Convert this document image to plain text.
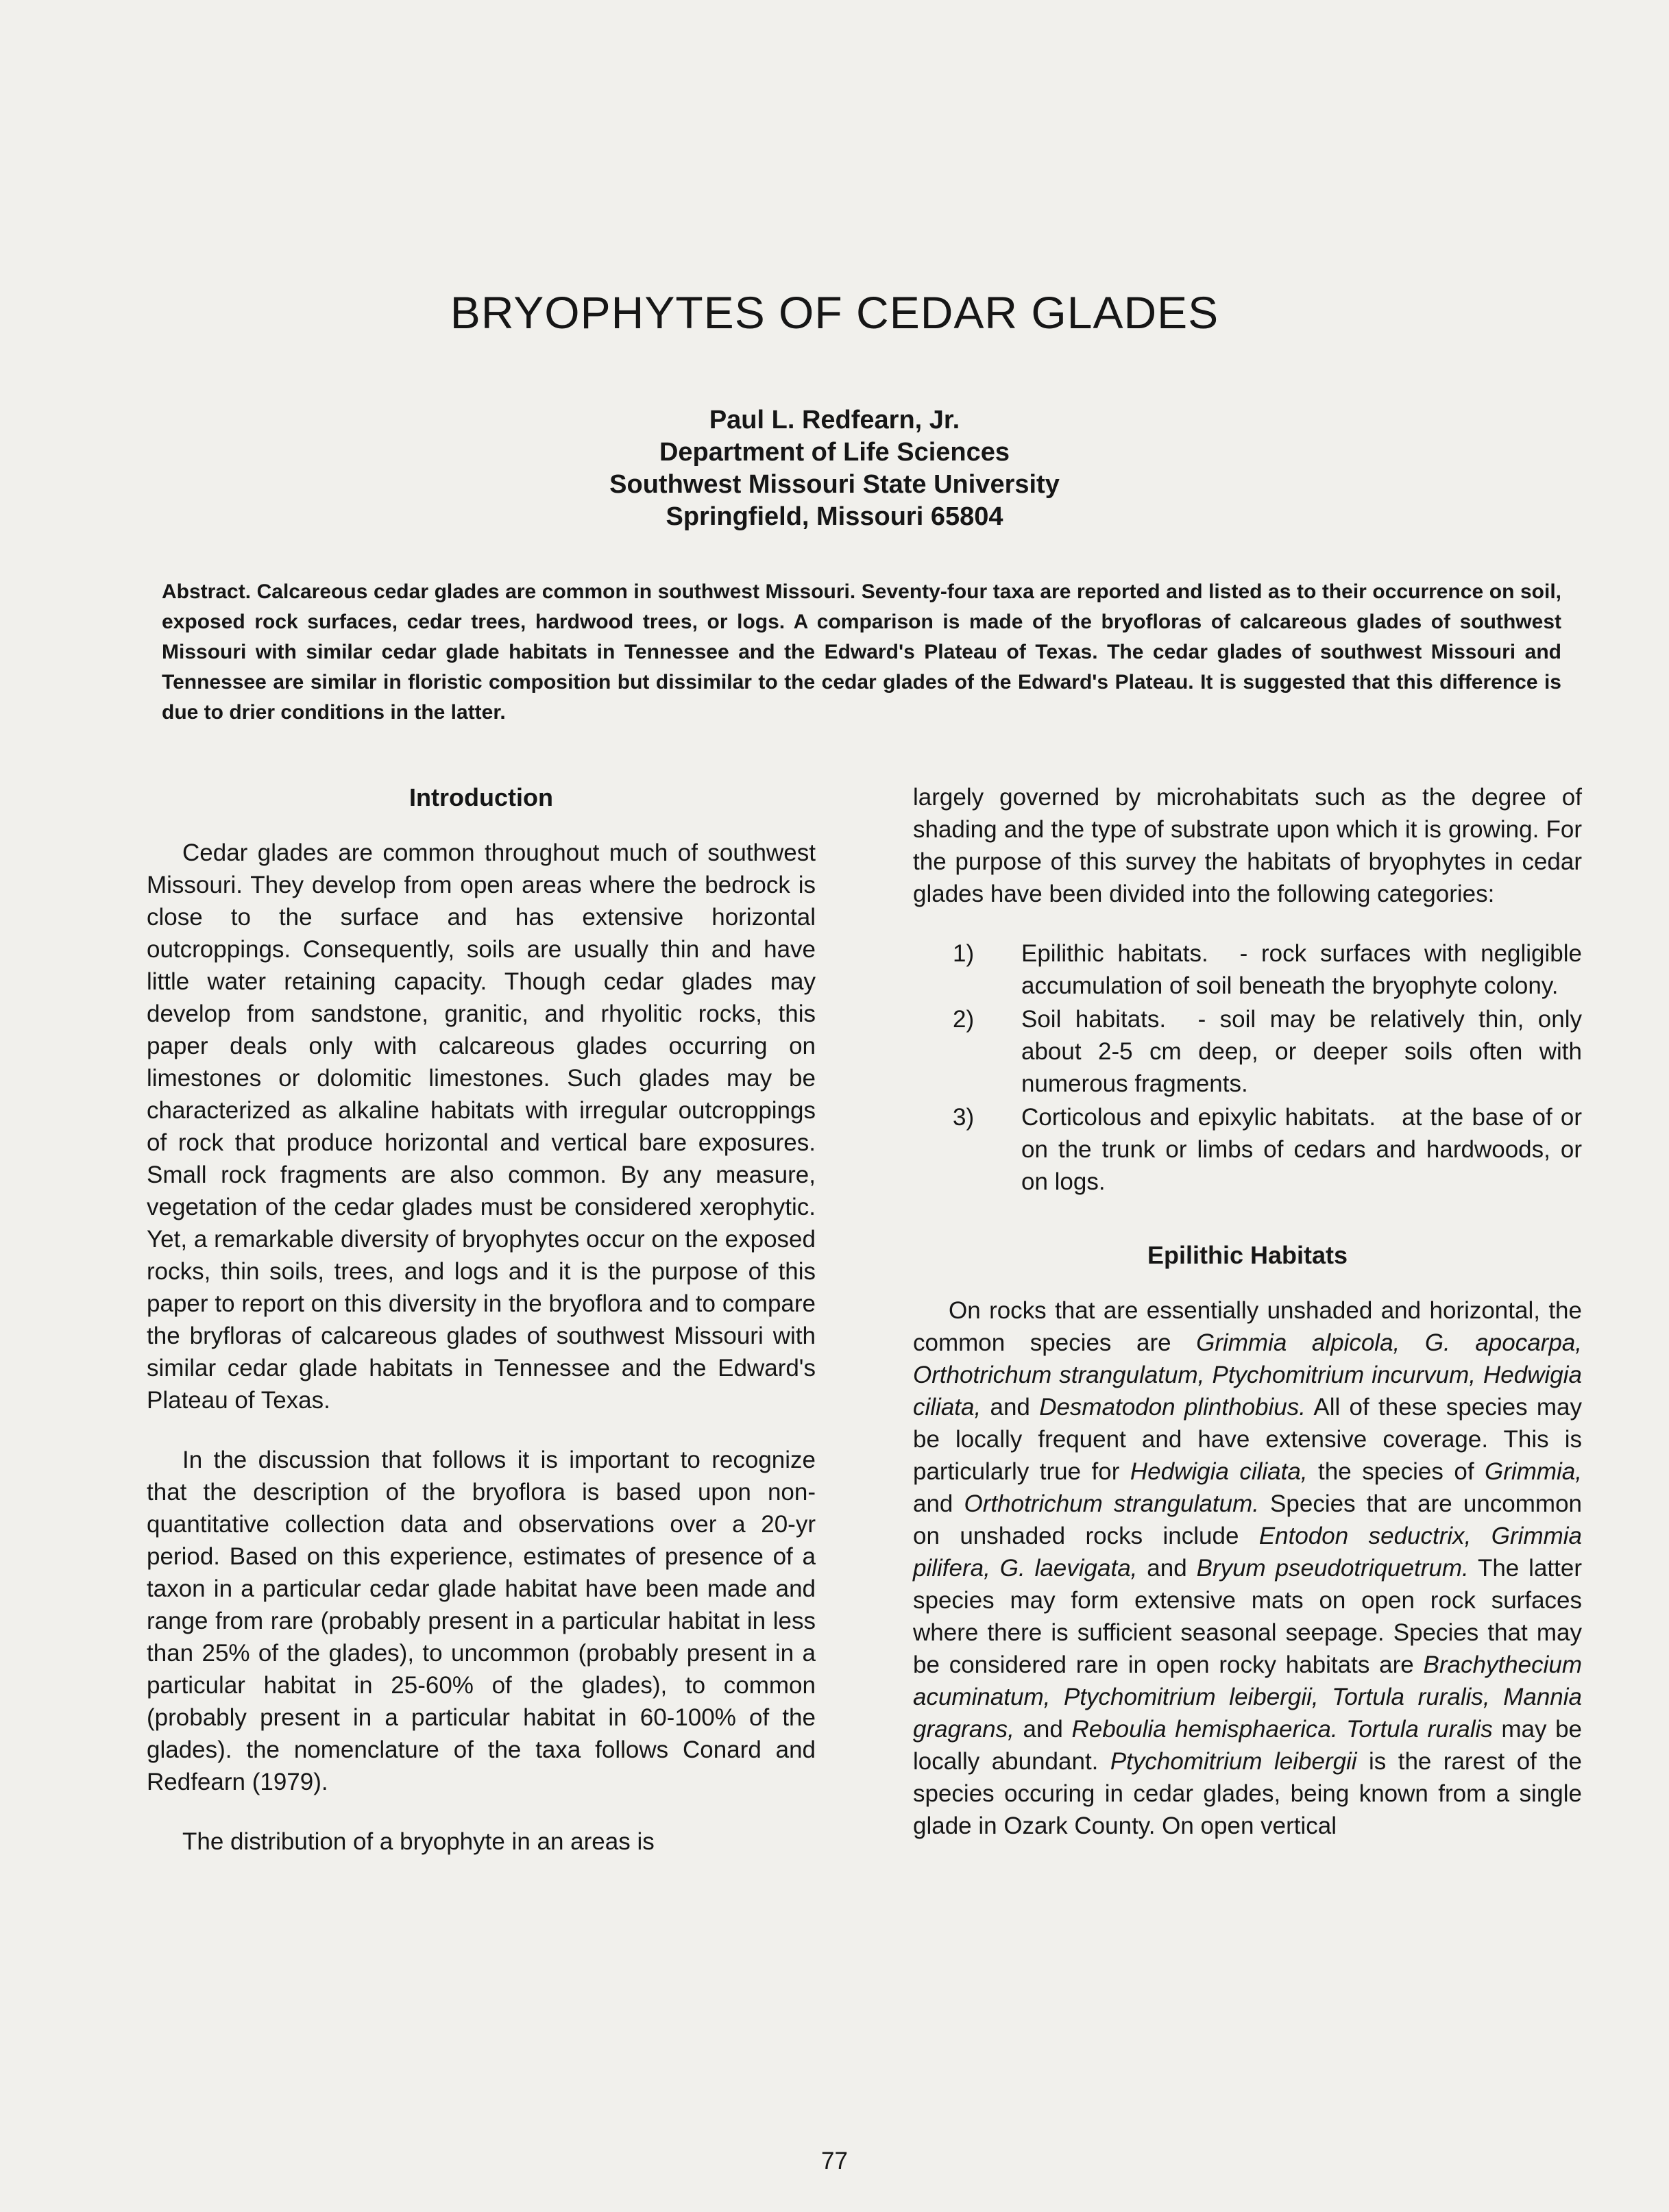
BRYOPHYTES OF CEDAR GLADES
Paul L. Redfearn, Jr.
Department of Life Sciences
Southwest Missouri State University
Springfield, Missouri 65804
Abstract. Calcareous cedar glades are common in southwest Missouri. Seventy-four taxa are reported and listed as to their occurrence on soil, exposed rock surfaces, cedar trees, hardwood trees, or logs. A comparison is made of the bryofloras of calcareous glades of southwest Missouri with similar cedar glade habitats in Tennessee and the Edward's Plateau of Texas. The cedar glades of southwest Missouri and Tennessee are similar in floristic composition but dissimilar to the cedar glades of the Edward's Plateau. It is suggested that this difference is due to drier conditions in the latter.
Introduction

Cedar glades are common throughout much of southwest Missouri. They develop from open areas where the bedrock is close to the surface and has extensive horizontal outcroppings. Consequently, soils are usually thin and have little water retaining capacity. Though cedar glades may develop from sandstone, granitic, and rhyolitic rocks, this paper deals only with calcareous glades occurring on limestones or dolomitic limestones. Such glades may be characterized as alkaline habitats with irregular outcroppings of rock that produce horizontal and vertical bare exposures. Small rock fragments are also common. By any measure, vegetation of the cedar glades must be considered xerophytic. Yet, a remarkable diversity of bryophytes occur on the exposed rocks, thin soils, trees, and logs and it is the purpose of this paper to report on this diversity in the bryoflora and to compare the bryfloras of calcareous glades of southwest Missouri with similar cedar glade habitats in Tennessee and the Edward's Plateau of Texas.

In the discussion that follows it is important to recognize that the description of the bryoflora is based upon non-quantitative collection data and observations over a 20-yr period. Based on this experience, estimates of presence of a taxon in a particular cedar glade habitat have been made and range from rare (probably present in a particular habitat in less than 25% of the glades), to uncommon (probably present in a particular habitat in 25-60% of the glades), to common (probably present in a particular habitat in 60-100% of the glades). the nomenclature of the taxa follows Conard and Redfearn (1979).

The distribution of a bryophyte in an areas is

largely governed by microhabitats such as the degree of shading and the type of substrate upon which it is growing. For the purpose of this survey the habitats of bryophytes in cedar glades have been divided into the following categories:

1) Epilithic habitats. - rock surfaces with negligible accumulation of soil beneath the bryophyte colony.
2) Soil habitats. - soil may be relatively thin, only about 2-5 cm deep, or deeper soils often with numerous fragments.
3) Corticolous and epixylic habitats. at the base of or on the trunk or limbs of cedars and hardwoods, or on logs.
Epilithic Habitats

On rocks that are essentially unshaded and horizontal, the common species are Grimmia alpicola, G. apocarpa, Orthotrichum strangulatum, Ptychomitrium incurvum, Hedwigia ciliata, and Desmatodon plinthobius. All of these species may be locally frequent and have extensive coverage. This is particularly true for Hedwigia ciliata, the species of Grimmia, and Orthotrichum strangulatum. Species that are uncommon on unshaded rocks include Entodon seductrix, Grimmia pilifera, G. laevigata, and Bryum pseudotriquetrum. The latter species may form extensive mats on open rock surfaces where there is sufficient seasonal seepage. Species that may be considered rare in open rocky habitats are Brachythecium acuminatum, Ptychomitrium leibergii, Tortula ruralis, Mannia gragrans, and Reboulia hemisphaerica. Tortula ruralis may be locally abundant. Ptychomitrium leibergii is the rarest of the species occuring in cedar glades, being known from a single glade in Ozark County. On open vertical

77
